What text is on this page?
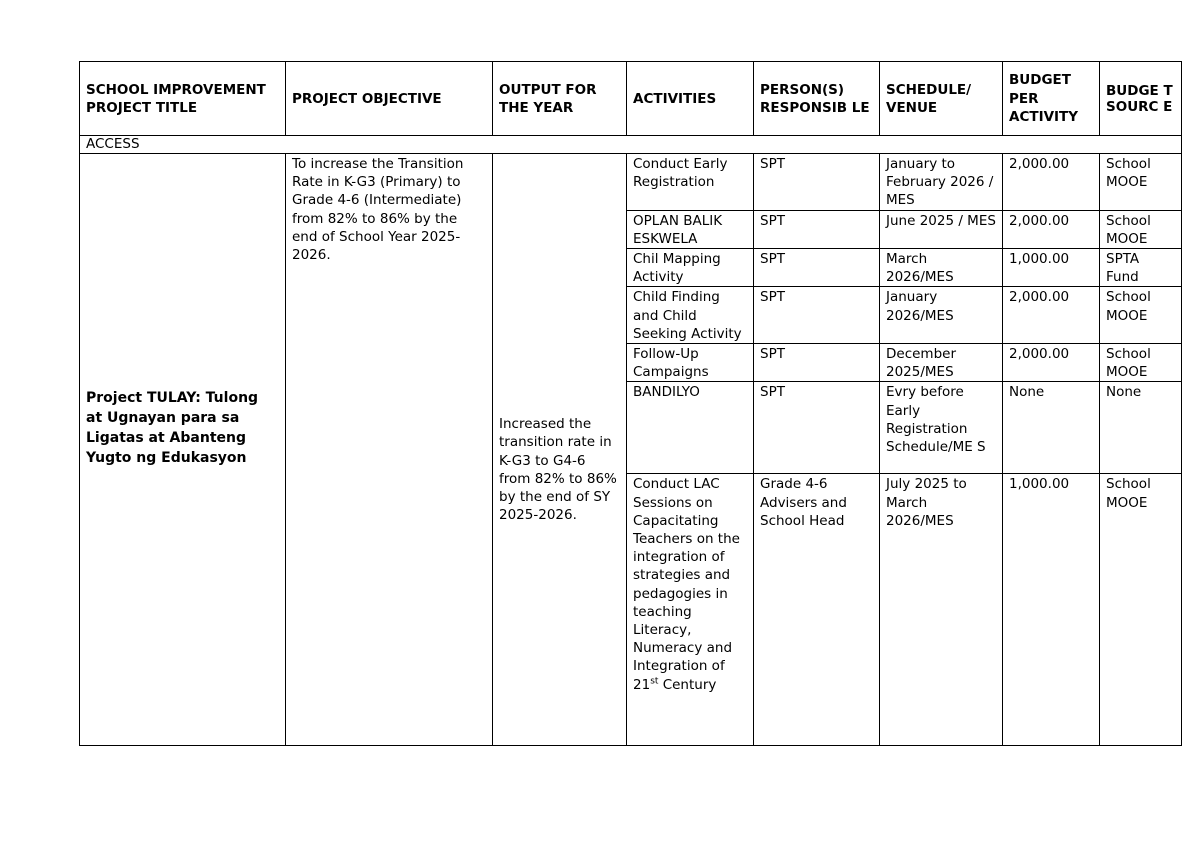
SCHOOL IMPROVEMENT PROJECT TITLE	PROJECT OBJECTIVE	OUTPUT FOR THE YEAR	ACTIVITIES	PERSON(S) RESPONSIB LE	SCHEDULE/ VENUE	BUDGET PER ACTIVITY	BUDGE T SOURC E
ACCESS							
Project TULAY: Tulong at Ugnayan para sa Ligatas at Abanteng Yugto ng Edukasyon	To increase the Transition Rate in K-G3 (Primary) to Grade 4-6 (Intermediate) from 82% to 86% by the end of School Year 2025-2026.	Increased the transition rate in K-G3 to G4-6 from 82% to 86% by the end of SY 2025-2026.	Conduct Early Registration	SPT	January to February 2026 / MES	2,000.00	School MOOE
			OPLAN BALIK ESKWELA	SPT	June 2025 / MES	2,000.00	School MOOE
			Chil Mapping Activity	SPT	March 2026/MES	1,000.00	SPTA Fund
			Child Finding and Child Seeking Activity	SPT	January 2026/MES	2,000.00	School MOOE
			Follow-Up Campaigns	SPT	December 2025/MES	2,000.00	School MOOE
			BANDILYO	SPT	Evry before Early Registration Schedule/ME S	None	None
			Conduct LAC Sessions on Capacitating Teachers on the integration of strategies and pedagogies in teaching Literacy, Numeracy and Integration of 21st Century	Grade 4-6 Advisers and School Head	July 2025 to March 2026/MES	1,000.00	School MOOE
